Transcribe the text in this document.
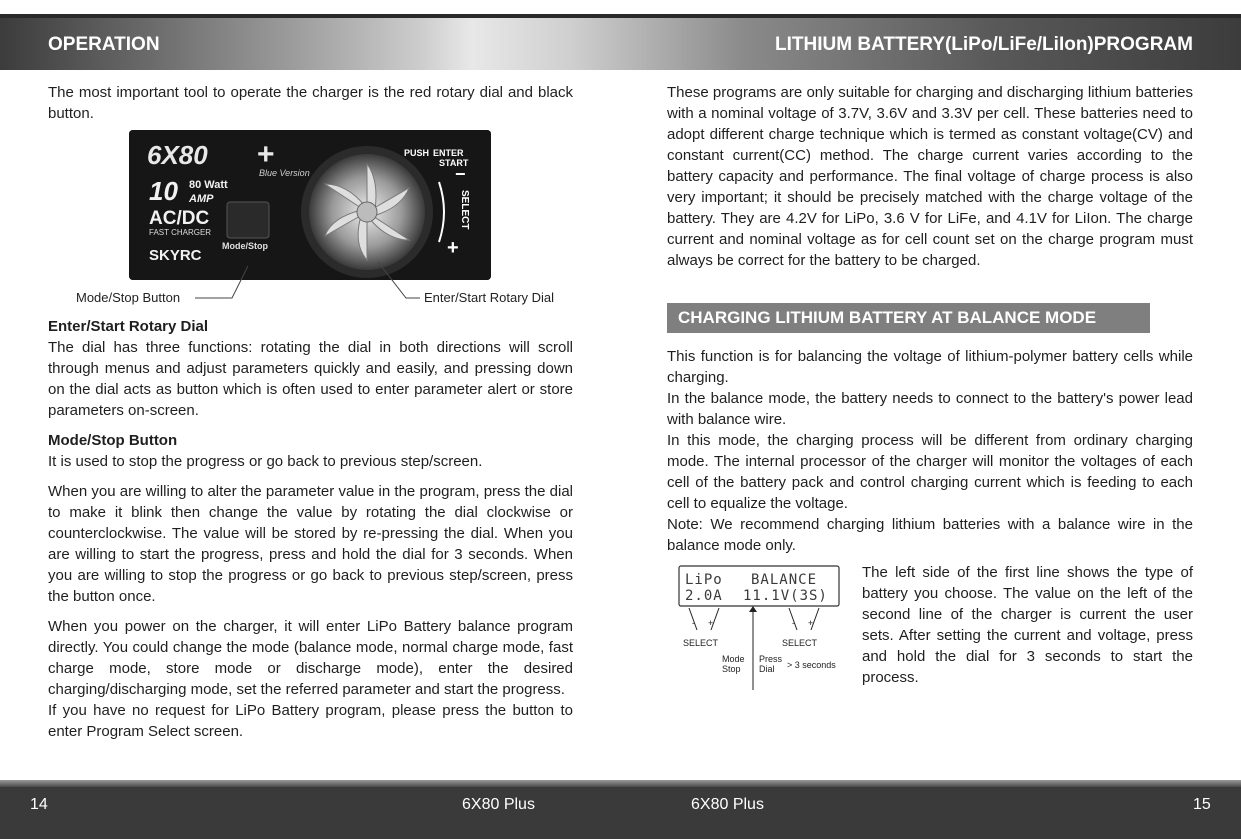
OPERATION	LITHIUM BATTERY(LiPo/LiFe/LiIon)PROGRAM

The most important tool to operate the charger is the red rotary dial and black button.

6X80 +
Blue Version
10 80 Watt
AMP
AC/DC
FAST CHARGER
SKYRC
Mode/Stop
PUSH ENTER
START
−
SELECT
+
Mode/Stop Button	Enter/Start Rotary Dial

Enter/Start Rotary Dial

The dial has three functions: rotating the dial in both directions will scroll through menus and adjust parameters quickly and easily, and pressing down on the dial acts as button which is often used to enter parameter alert or store parameters on-screen.

Mode/Stop Button

It is used to stop the progress or go back to previous step/screen.

When you are willing to alter the parameter value in the program, press the dial to make it blink then change the value by rotating the dial clockwise or counterclockwise. The value will be stored by re-pressing the dial. When you are willing to start the progress, press and hold the dial for 3 seconds. When you are willing to stop the progress or go back to previous step/screen, press the button once.

When you power on the charger, it will enter LiPo Battery balance program directly. You could change the mode (balance mode, normal charge mode, fast charge mode, store mode or discharge mode), enter the desired charging/discharging mode, set the referred parameter and start the progress.

If you have no request for LiPo Battery program, please press the button to enter Program Select screen.

These programs are only suitable for charging and discharging lithium batteries with a nominal voltage of 3.7V, 3.6V and 3.3V per cell. These batteries need to adopt different charge technique which is termed as constant voltage(CV) and constant current(CC) method. The charge current varies according to the battery capacity and performance. The final voltage of charge process is also very important; it should be precisely matched with the charge voltage of the battery. They are 4.2V for LiPo, 3.6 V for LiFe, and 4.1V for LiIon. The charge current and nominal voltage as for cell count set on the charge program must always be correct for the battery to be charged.

CHARGING LITHIUM BATTERY AT BALANCE MODE

This function is for balancing the voltage of lithium-polymer battery cells while charging.

In the balance mode, the battery needs to connect to the battery's power lead with balance wire.

In this mode, the charging process will be different from ordinary charging mode. The internal processor of the charger will monitor the voltages of each cell of the battery pack and control charging current which is feeding to each cell to equalize the voltage.

Note: We recommend charging lithium batteries with a balance wire in the balance mode only.

LiPo BALANCE
2.0A 11.1V(3S)
- +	- +
SELECT	SELECT
Mode
Stop
Press
Dial > 3 seconds
The left side of the first line shows the type of battery you choose. The value on the left of the second line of the charger is current the user sets. After setting the current and voltage, press and hold the dial for 3 seconds to start the process.
14	6X80 Plus	6X80 Plus	15
